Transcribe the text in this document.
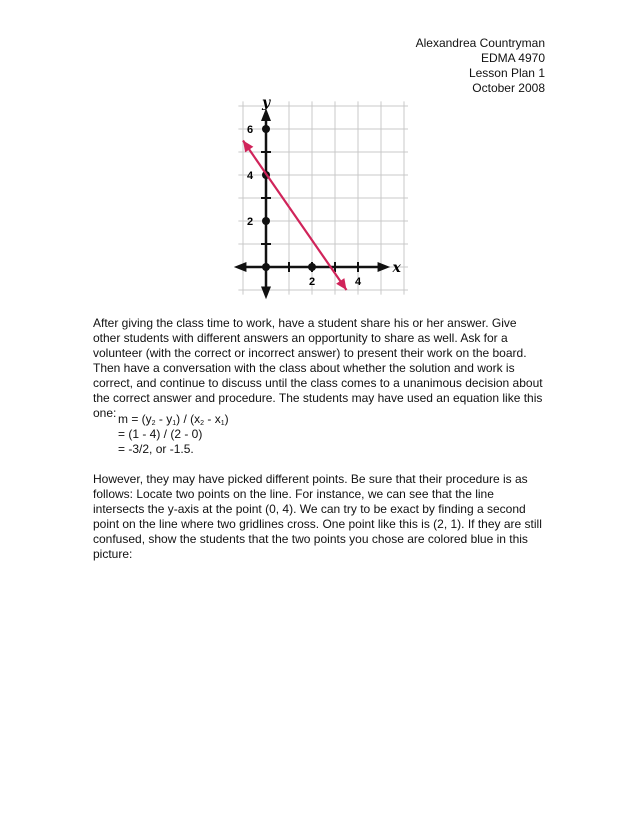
Alexandrea Countryman
EDMA 4970
Lesson Plan 1
October 2008
y
x
2
4
6
2	4
After giving the class time to work, have a student share his or her answer. Give other students with different answers an opportunity to share as well. Ask for a volunteer (with the correct or incorrect answer) to present their work on the board. Then have a conversation with the class about whether the solution and work is correct, and continue to discuss until the class comes to a unanimous decision about the correct answer and procedure. The students may have used an equation like this one: $m = (y_2 - y_1) / (x_2 - x_1)$
= (1 - 4) / (2 - 0)
= -3/2, or -1.5.
However, they may have picked different points. Be sure that their procedure is as follows: Locate two points on the line. For instance, we can see that the line intersects the y-axis at the point (0, 4). We can try to be exact by finding a second point on the line where two gridlines cross. One point like this is (2, 1). If they are still confused, show the students that the two points you chose are colored blue in this picture:
